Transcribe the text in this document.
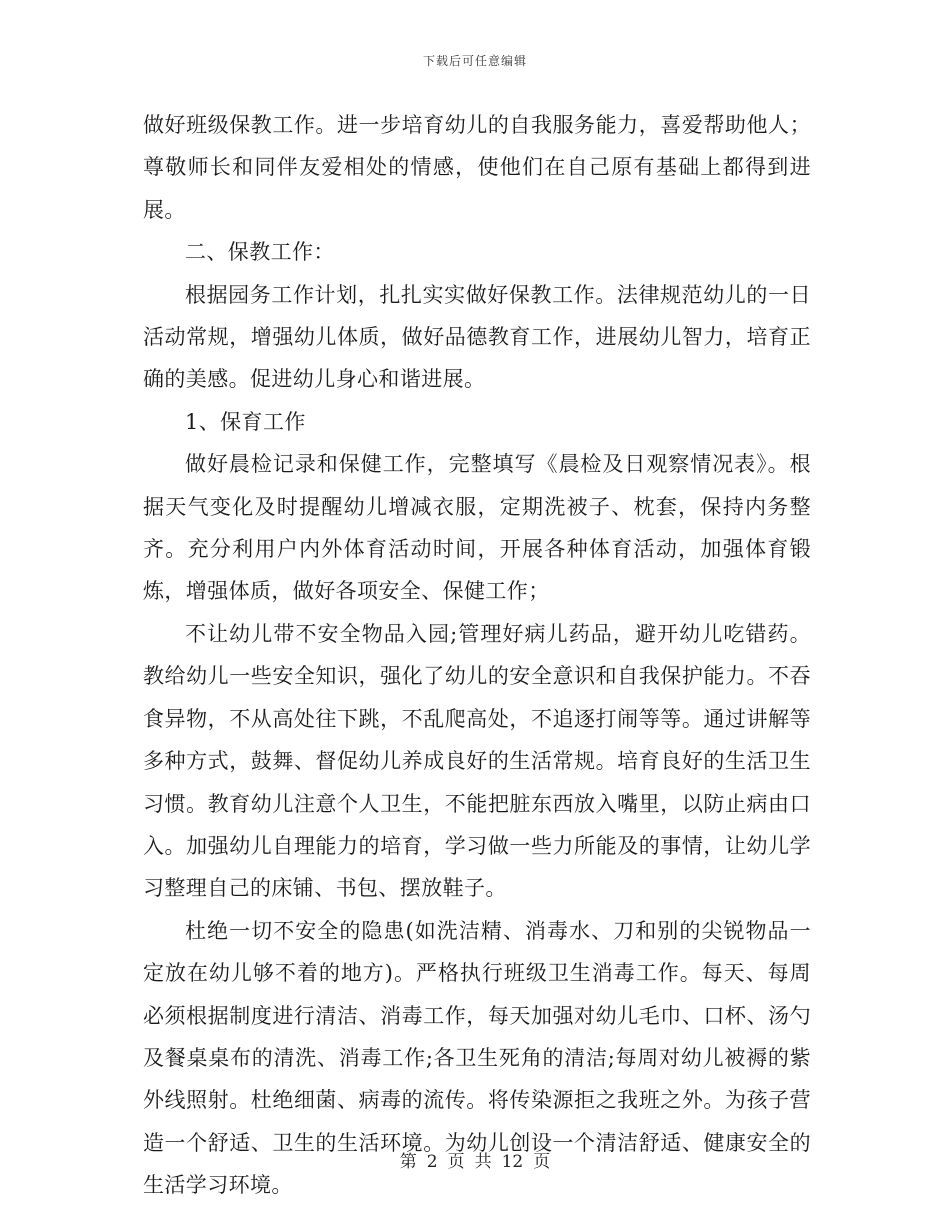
下载后可任意编辑

做好班级保教工作。进一步培育幼儿的自我服务能力，喜爱帮助他人；尊敬师长和同伴友爱相处的情感，使他们在自己原有基础上都得到进展。

二、保教工作：

根据园务工作计划，扎扎实实做好保教工作。法律规范幼儿的一日活动常规，增强幼儿体质，做好品德教育工作，进展幼儿智力，培育正确的美感。促进幼儿身心和谐进展。

1、保育工作

做好晨检记录和保健工作，完整填写《晨检及日观察情况表》。根据天气变化及时提醒幼儿增减衣服，定期洗被子、枕套，保持内务整齐。充分利用户内外体育活动时间，开展各种体育活动，加强体育锻炼，增强体质，做好各项安全、保健工作；

不让幼儿带不安全物品入园;管理好病儿药品，避开幼儿吃错药。教给幼儿一些安全知识，强化了幼儿的安全意识和自我保护能力。不吞食异物，不从高处往下跳，不乱爬高处，不追逐打闹等等。通过讲解等多种方式，鼓舞、督促幼儿养成良好的生活常规。培育良好的生活卫生习惯。教育幼儿注意个人卫生，不能把脏东西放入嘴里，以防止病由口入。加强幼儿自理能力的培育，学习做一些力所能及的事情，让幼儿学习整理自己的床铺、书包、摆放鞋子。

杜绝一切不安全的隐患(如洗洁精、消毒水、刀和别的尖锐物品一定放在幼儿够不着的地方)。严格执行班级卫生消毒工作。每天、每周必须根据制度进行清洁、消毒工作，每天加强对幼儿毛巾、口杯、汤勺及餐桌桌布的清洗、消毒工作;各卫生死角的清洁;每周对幼儿被褥的紫外线照射。杜绝细菌、病毒的流传。将传染源拒之我班之外。为孩子营造一个舒适、卫生的生活环境。为幼儿创设一个清洁舒适、健康安全的生活学习环境。

第 2 页 共 12 页
